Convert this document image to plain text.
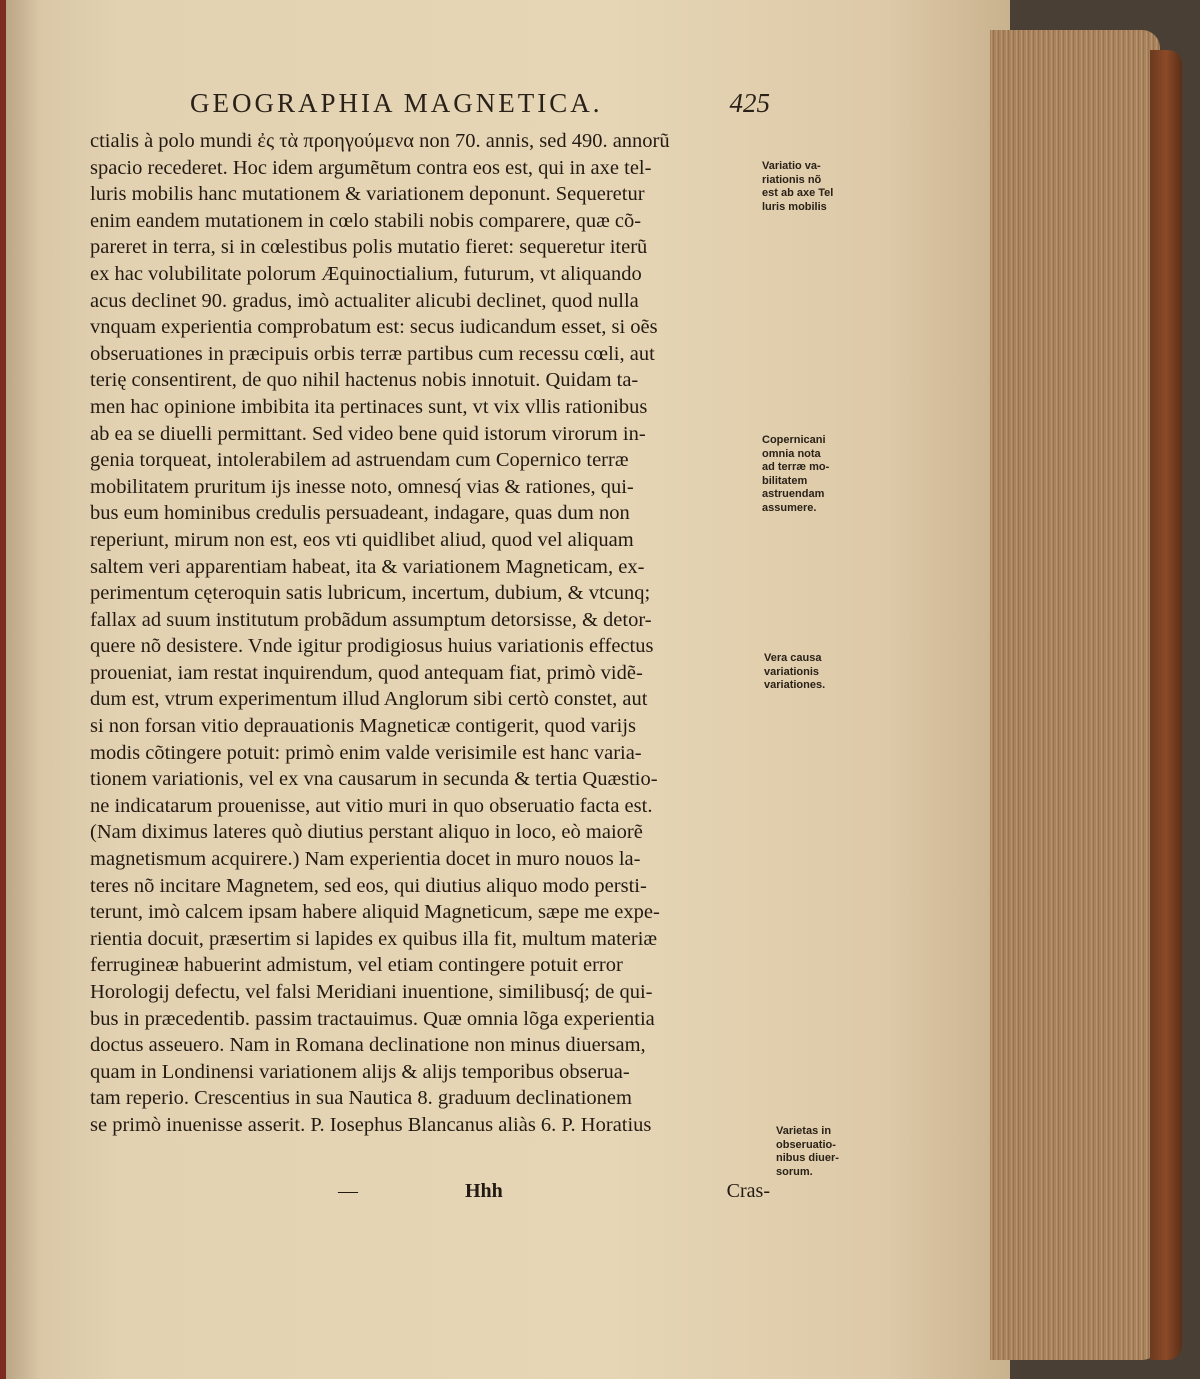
GEOGRAPHIA MAGNETICA.	425
ctialis à polo mundi ἐς τὰ προηγούμενα non 70. annis, sed 490. annorũ
spacio recederet. Hoc idem argumẽtum contra eos est, qui in axe tel-
luris mobilis hanc mutationem & variationem deponunt. Sequeretur
enim eandem mutationem in cœlo stabili nobis comparere, quæ cõ-
pareret in terra, si in cœlestibus polis mutatio fieret: sequeretur iterũ
ex hac volubilitate polorum Æquinoctialium, futurum, vt aliquando
acus declinet 90. gradus, imò actualiter alicubi declinet, quod nulla
vnquam experientia comprobatum est: secus iudicandum esset, si oẽs
obseruationes in præcipuis orbis terræ partibus cum recessu cœli, aut
terię consentirent, de quo nihil hactenus nobis innotuit. Quidam ta-
men hac opinione imbibita ita pertinaces sunt, vt vix vllis rationibus
ab ea se diuelli permittant. Sed video bene quid istorum virorum in-
genia torqueat, intolerabilem ad astruendam cum Copernico terræ
mobilitatem pruritum ijs inesse noto, omnesq́ vias & rationes, qui-
bus eum hominibus credulis persuadeant, indagare, quas dum non
reperiunt, mirum non est, eos vti quidlibet aliud, quod vel aliquam
saltem veri apparentiam habeat, ita & variationem Magneticam, ex-
perimentum cęteroquin satis lubricum, incertum, dubium, & vtcunq;
fallax ad suum institutum probãdum assumptum detorsisse, & detor-
quere nõ desistere. Vnde igitur prodigiosus huius variationis effectus
proueniat, iam restat inquirendum, quod antequam fiat, primò vidẽ-
dum est, vtrum experimentum illud Anglorum sibi certò constet, aut
si non forsan vitio deprauationis Magneticæ contigerit, quod varijs
modis cõtingere potuit: primò enim valde verisimile est hanc varia-
tionem variationis, vel ex vna causarum in secunda & tertia Quæstio-
ne indicatarum prouenisse, aut vitio muri in quo obseruatio facta est.
(Nam diximus lateres quò diutius perstant aliquo in loco, eò maiorẽ
magnetismum acquirere.) Nam experientia docet in muro nouos la-
teres nõ incitare Magnetem, sed eos, qui diutius aliquo modo persti-
terunt, imò calcem ipsam habere aliquid Magneticum, sæpe me expe-
rientia docuit, præsertim si lapides ex quibus illa fit, multum materiæ
ferrugineæ habuerint admistum, vel etiam contingere potuit error
Horologij defectu, vel falsi Meridiani inuentione, similibusq́; de qui-
bus in præcedentib. passim tractauimus. Quæ omnia lõga experientia
doctus asseuero. Nam in Romana declinatione non minus diuersam,
quam in Londinensi variationem alijs & alijs temporibus obserua-
tam reperio. Crescentius in sua Nautica 8. graduum declinationem
se primò inuenisse asserit. P. Iosephus Blancanus aliàs 6. P. Horatius
Variatio va-
riationis nõ
est ab axe Tel
luris mobilis
Copernicani
omnia nota
ad terræ mo-
bilitatem
astruendam
assumere.
Vera causa
variationis
variationes.
Varietas in
obseruatio-
nibus diuer-
sorum.
—	Hhh	Cras-
